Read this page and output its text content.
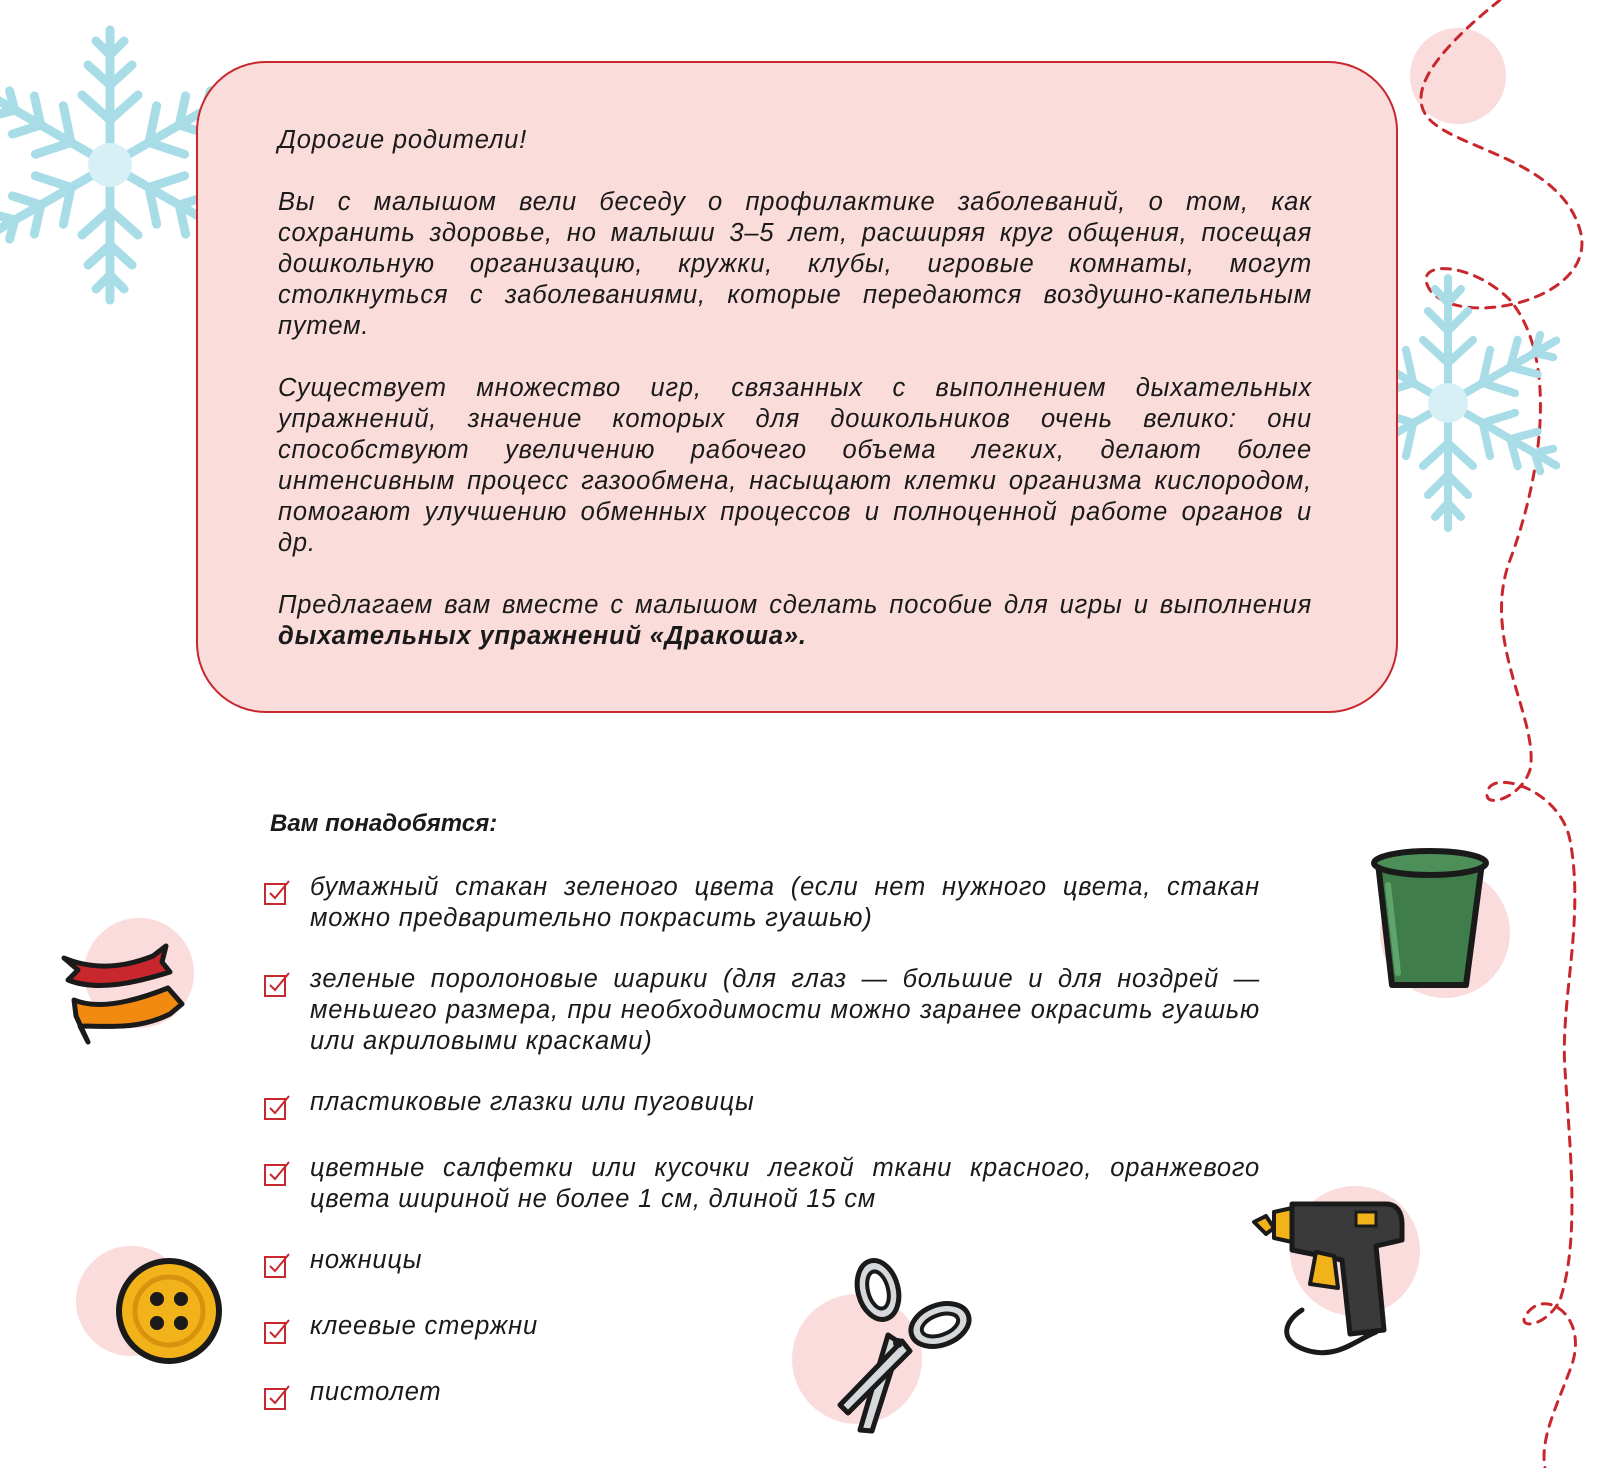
Дорогие родители!

Вы с малышом вели беседу о профилактике заболеваний, о том, как сохранить здоровье, но малыши 3–5 лет, расширяя круг общения, посещая дошкольную организацию, кружки, клубы, игровые комнаты, могут столкнуться с заболеваниями, которые передаются воздушно-капельным путем.

Существует множество игр, связанных с выполнением дыхательных упражнений, значение которых для дошкольников очень велико: они способствуют увеличению рабочего объема легких, делают более интенсивным процесс газообмена, насыщают клетки организма кислородом, помогают улучшению обменных процессов и полноценной работе органов и др.

Предлагаем вам вместе с малышом сделать пособие для игры и выполнения дыхательных упражнений «Дракоша».

Вам понадобятся:
бумажный стакан зеленого цвета (если нет нужного цвета, стакан можно предварительно покрасить гуашью)
зеленые поролоновые шарики (для глаз — большие и для ноздрей — меньшего размера, при необходимости можно заранее окрасить гуашью или акриловыми красками)
пластиковые глазки или пуговицы
цветные салфетки или кусочки легкой ткани красного, оранжевого цвета шириной не более 1 см, длиной 15 см
ножницы
клеевые стержни
пистолет
